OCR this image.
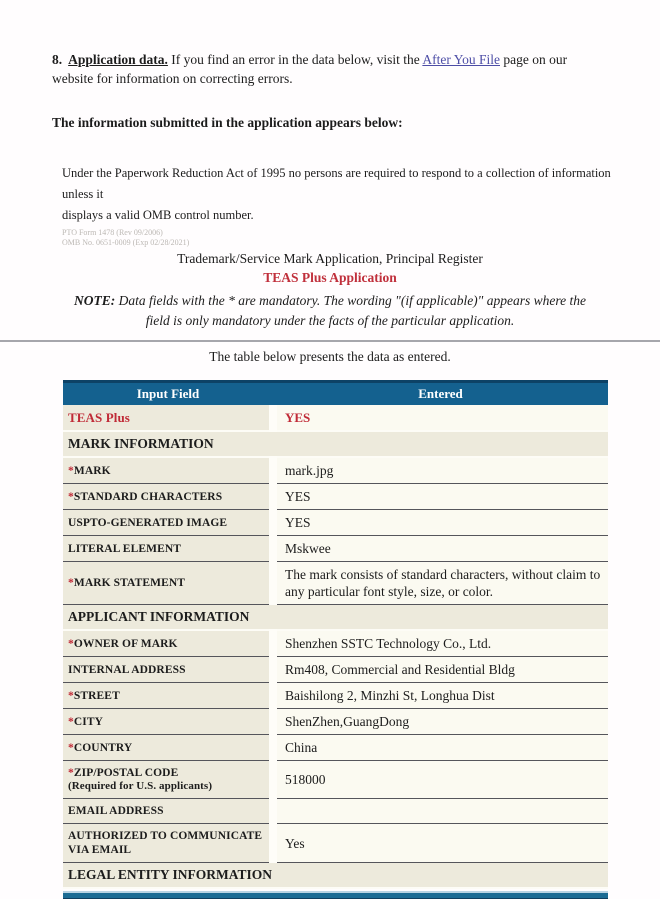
8.  Application data. If you find an error in the data below, visit the After You File page on our
website for information on correcting errors.
The information submitted in the application appears below:
Under the Paperwork Reduction Act of 1995 no persons are required to respond to a collection of information unless it
displays a valid OMB control number.
PTO Form 1478 (Rev 09/2006)
OMB No. 0651-0009 (Exp 02/28/2021)
Trademark/Service Mark Application, Principal Register
TEAS Plus Application
NOTE: Data fields with the * are mandatory. The wording "(if applicable)" appears where the
field is only mandatory under the facts of the particular application.
The table below presents the data as entered.
Input Field	Entered
TEAS Plus	YES
MARK INFORMATION	
*MARK	mark.jpg
*STANDARD CHARACTERS	YES
USPTO-GENERATED IMAGE	YES
LITERAL ELEMENT	Mskwee
*MARK STATEMENT	The mark consists of standard characters, without claim to any particular font style, size, or color.
APPLICANT INFORMATION	
*OWNER OF MARK	Shenzhen SSTC Technology Co., Ltd.
INTERNAL ADDRESS	Rm408, Commercial and Residential Bldg
*STREET	Baishilong 2, Minzhi St, Longhua Dist
*CITY	ShenZhen,GuangDong
*COUNTRY	China

*ZIP/POSTAL CODE
(Required for U.S. applicants)	518000
EMAIL ADDRESS	
AUTHORIZED TO COMMUNICATE VIA EMAIL	Yes
LEGAL ENTITY INFORMATION	
